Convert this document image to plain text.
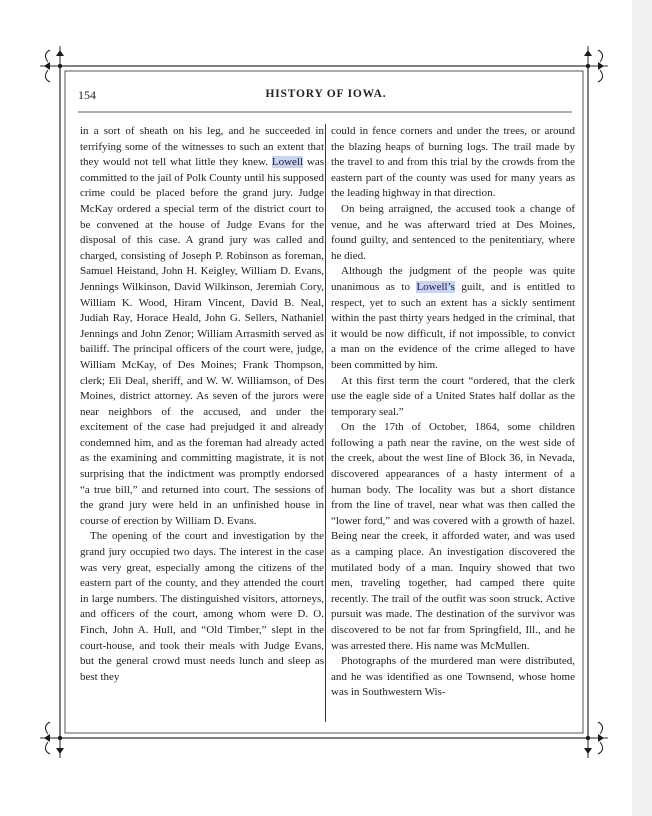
154	HISTORY OF IOWA.

in a sort of sheath on his leg, and he succeeded in terrifying some of the witnesses to such an extent that they would not tell what little they knew. Lowell was committed to the jail of Polk County until his supposed crime could be placed before the grand jury. Judge McKay ordered a special term of the district court to be convened at the house of Judge Evans for the disposal of this case. A grand jury was called and charged, consisting of Joseph P. Robinson as foreman, Samuel Heistand, John H. Keigley, William D. Evans, Jennings Wilkinson, David Wilkinson, Jeremiah Cory, William K. Wood, Hiram Vincent, David B. Neal, Judiah Ray, Horace Heald, John G. Sellers, Nathaniel Jennings and John Zenor; William Arrasmith served as bailiff. The principal officers of the court were, judge, William McKay, of Des Moines; Frank Thompson, clerk; Eli Deal, sheriff, and W. W. Williamson, of Des Moines, district attorney. As seven of the jurors were near neighbors of the accused, and under the excitement of the case had prejudged it and already condemned him, and as the foreman had already acted as the examining and committing magistrate, it is not surprising that the indictment was promptly endorsed “a true bill,” and returned into court. The sessions of the grand jury were held in an unfinished house in course of erection by William D. Evans.

The opening of the court and investigation by the grand jury occupied two days. The interest in the case was very great, especially among the citizens of the eastern part of the county, and they attended the court in large numbers. The distinguished visitors, attorneys, and officers of the court, among whom were D. O. Finch, John A. Hull, and “Old Timber,” slept in the court-house, and took their meals with Judge Evans, but the general crowd must needs lunch and sleep as best they

could in fence corners and under the trees, or around the blazing heaps of burning logs. The trail made by the travel to and from this trial by the crowds from the eastern part of the county was used for many years as the leading highway in that direction.

On being arraigned, the accused took a change of venue, and he was afterward tried at Des Moines, found guilty, and sentenced to the penitentiary, where he died.

Although the judgment of the people was quite unanimous as to Lowell’s guilt, and is entitled to respect, yet to such an extent has a sickly sentiment within the past thirty years hedged in the criminal, that it would be now difficult, if not impossible, to convict a man on the evidence of the crime alleged to have been committed by him.

At this first term the court “ordered, that the clerk use the eagle side of a United States half dollar as the temporary seal.”

On the 17th of October, 1864, some children following a path near the ravine, on the west side of the creek, about the west line of Block 36, in Nevada, discovered appearances of a hasty interment of a human body. The locality was but a short distance from the line of travel, near what was then called the “lower ford,” and was covered with a growth of hazel. Being near the creek, it afforded water, and was used as a camping place. An investigation discovered the mutilated body of a man. Inquiry showed that two men, traveling together, had camped there quite recently. The trail of the outfit was soon struck. Active pursuit was made. The destination of the survivor was discovered to be not far from Springfield, Ill., and he was arrested there. His name was McMullen.

Photographs of the murdered man were distributed, and he was identified as one Townsend, whose home was in Southwestern Wis-
